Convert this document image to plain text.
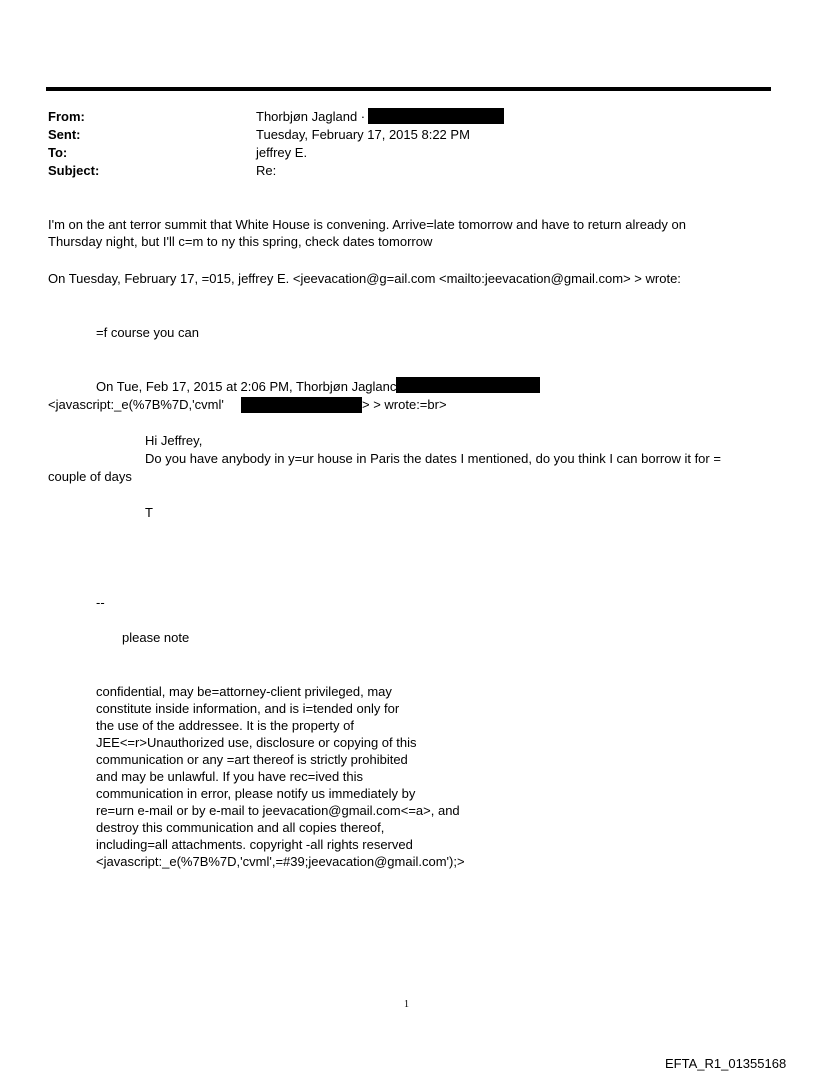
From:	Thorbjøn Jagland ·
Sent:	Tuesday, February 17, 2015 8:22 PM
To:	jeffrey E.
Subject:	Re:
I'm on the ant terror summit that White House is convening. Arrive=late tomorrow and have to return already on
Thursday night, but I'll c=m to ny this spring, check dates tomorrow
On Tuesday, February 17, =015, jeffrey E. <jeevacation@g=ail.com <mailto:jeevacation@gmail.com> > wrote:
=f course you can
On Tue, Feb 17, 2015 at 2:06 PM, Thorbjøn Jaglanc
<javascript:_e(%7B%7D,'cvml'	> > wrote:=br>
Hi Jeffrey,
Do you have anybody in y=ur house in Paris the dates I mentioned, do you think I can borrow it for =
couple of days
T
--
please note
confidential, may be=attorney-client privileged, may
constitute inside information, and is i=tended only for
the use of the addressee. It is the property of
JEE<=r>Unauthorized use, disclosure or copying of this
communication or any =art thereof is strictly prohibited
and may be unlawful. If you have rec=ived this
communication in error, please notify us immediately by
re=urn e-mail or by e-mail to jeevacation@gmail.com<=a>, and
destroy this communication and all copies thereof,
including=all attachments. copyright -all rights reserved
<javascript:_e(%7B%7D,'cvml',=#39;jeevacation@gmail.com');>
1
EFTA_R1_01355168
